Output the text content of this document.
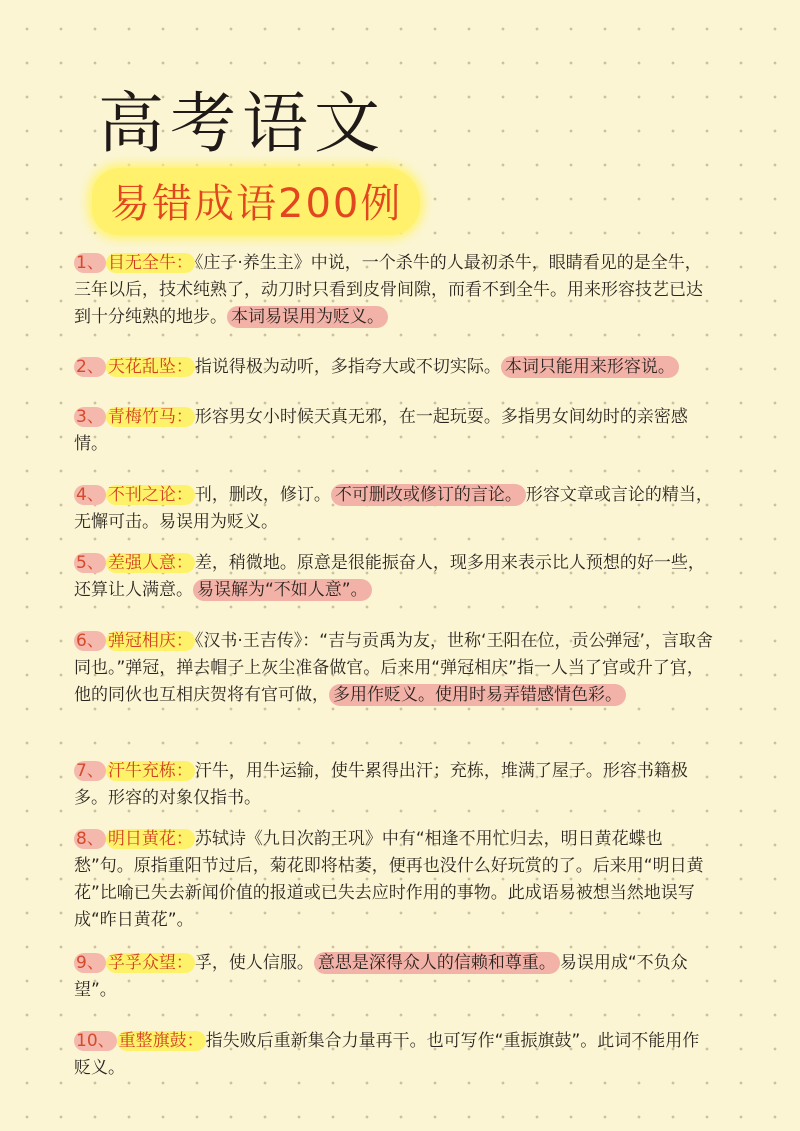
高考语文
易错成语200例

1、 目无全牛： 《庄子·养生主》中说，一个杀牛的人最初杀牛，眼睛看见的是全牛，三年以后，技术纯熟了，动刀时只看到皮骨间隙，而看不到全牛。用来形容技艺已达到十分纯熟的地步。 本词易误用为贬义。

2、 天花乱坠： 指说得极为动听，多指夸大或不切实际。 本词只能用来形容说。

3、 青梅竹马： 形容男女小时候天真无邪，在一起玩耍。多指男女间幼时的亲密感情。

4、 不刊之论： 刊，删改，修订。 不可删改或修订的言论。 形容文章或言论的精当，无懈可击。易误用为贬义。

5、 差强人意： 差，稍微地。原意是很能振奋人，现多用来表示比人预想的好一些，还算让人满意。 易误解为“不如人意”。

6、 弹冠相庆： 《汉书·王吉传》：“吉与贡禹为友，世称‘王阳在位，贡公弹冠’，言取舍同也。”弹冠，掸去帽子上灰尘准备做官。后来用“弹冠相庆”指一人当了官或升了官，他的同伙也互相庆贺将有官可做， 多用作贬义。使用时易弄错感情色彩。

7、 汗牛充栋： 汗牛，用牛运输，使牛累得出汗；充栋，堆满了屋子。形容书籍极多。形容的对象仅指书。

8、 明日黄花： 苏轼诗《九日次韵王巩》中有“相逢不用忙归去，明日黄花蝶也愁”句。原指重阳节过后，菊花即将枯萎，便再也没什么好玩赏的了。后来用“明日黄花”比喻已失去新闻价值的报道或已失去应时作用的事物。此成语易被想当然地误写成“昨日黄花”。

9、 孚孚众望： 孚，使人信服。 意思是深得众人的信赖和尊重。 易误用成“不负众望”。

10、 重整旗鼓： 指失败后重新集合力量再干。也可写作“重振旗鼓”。此词不能用作贬义。
